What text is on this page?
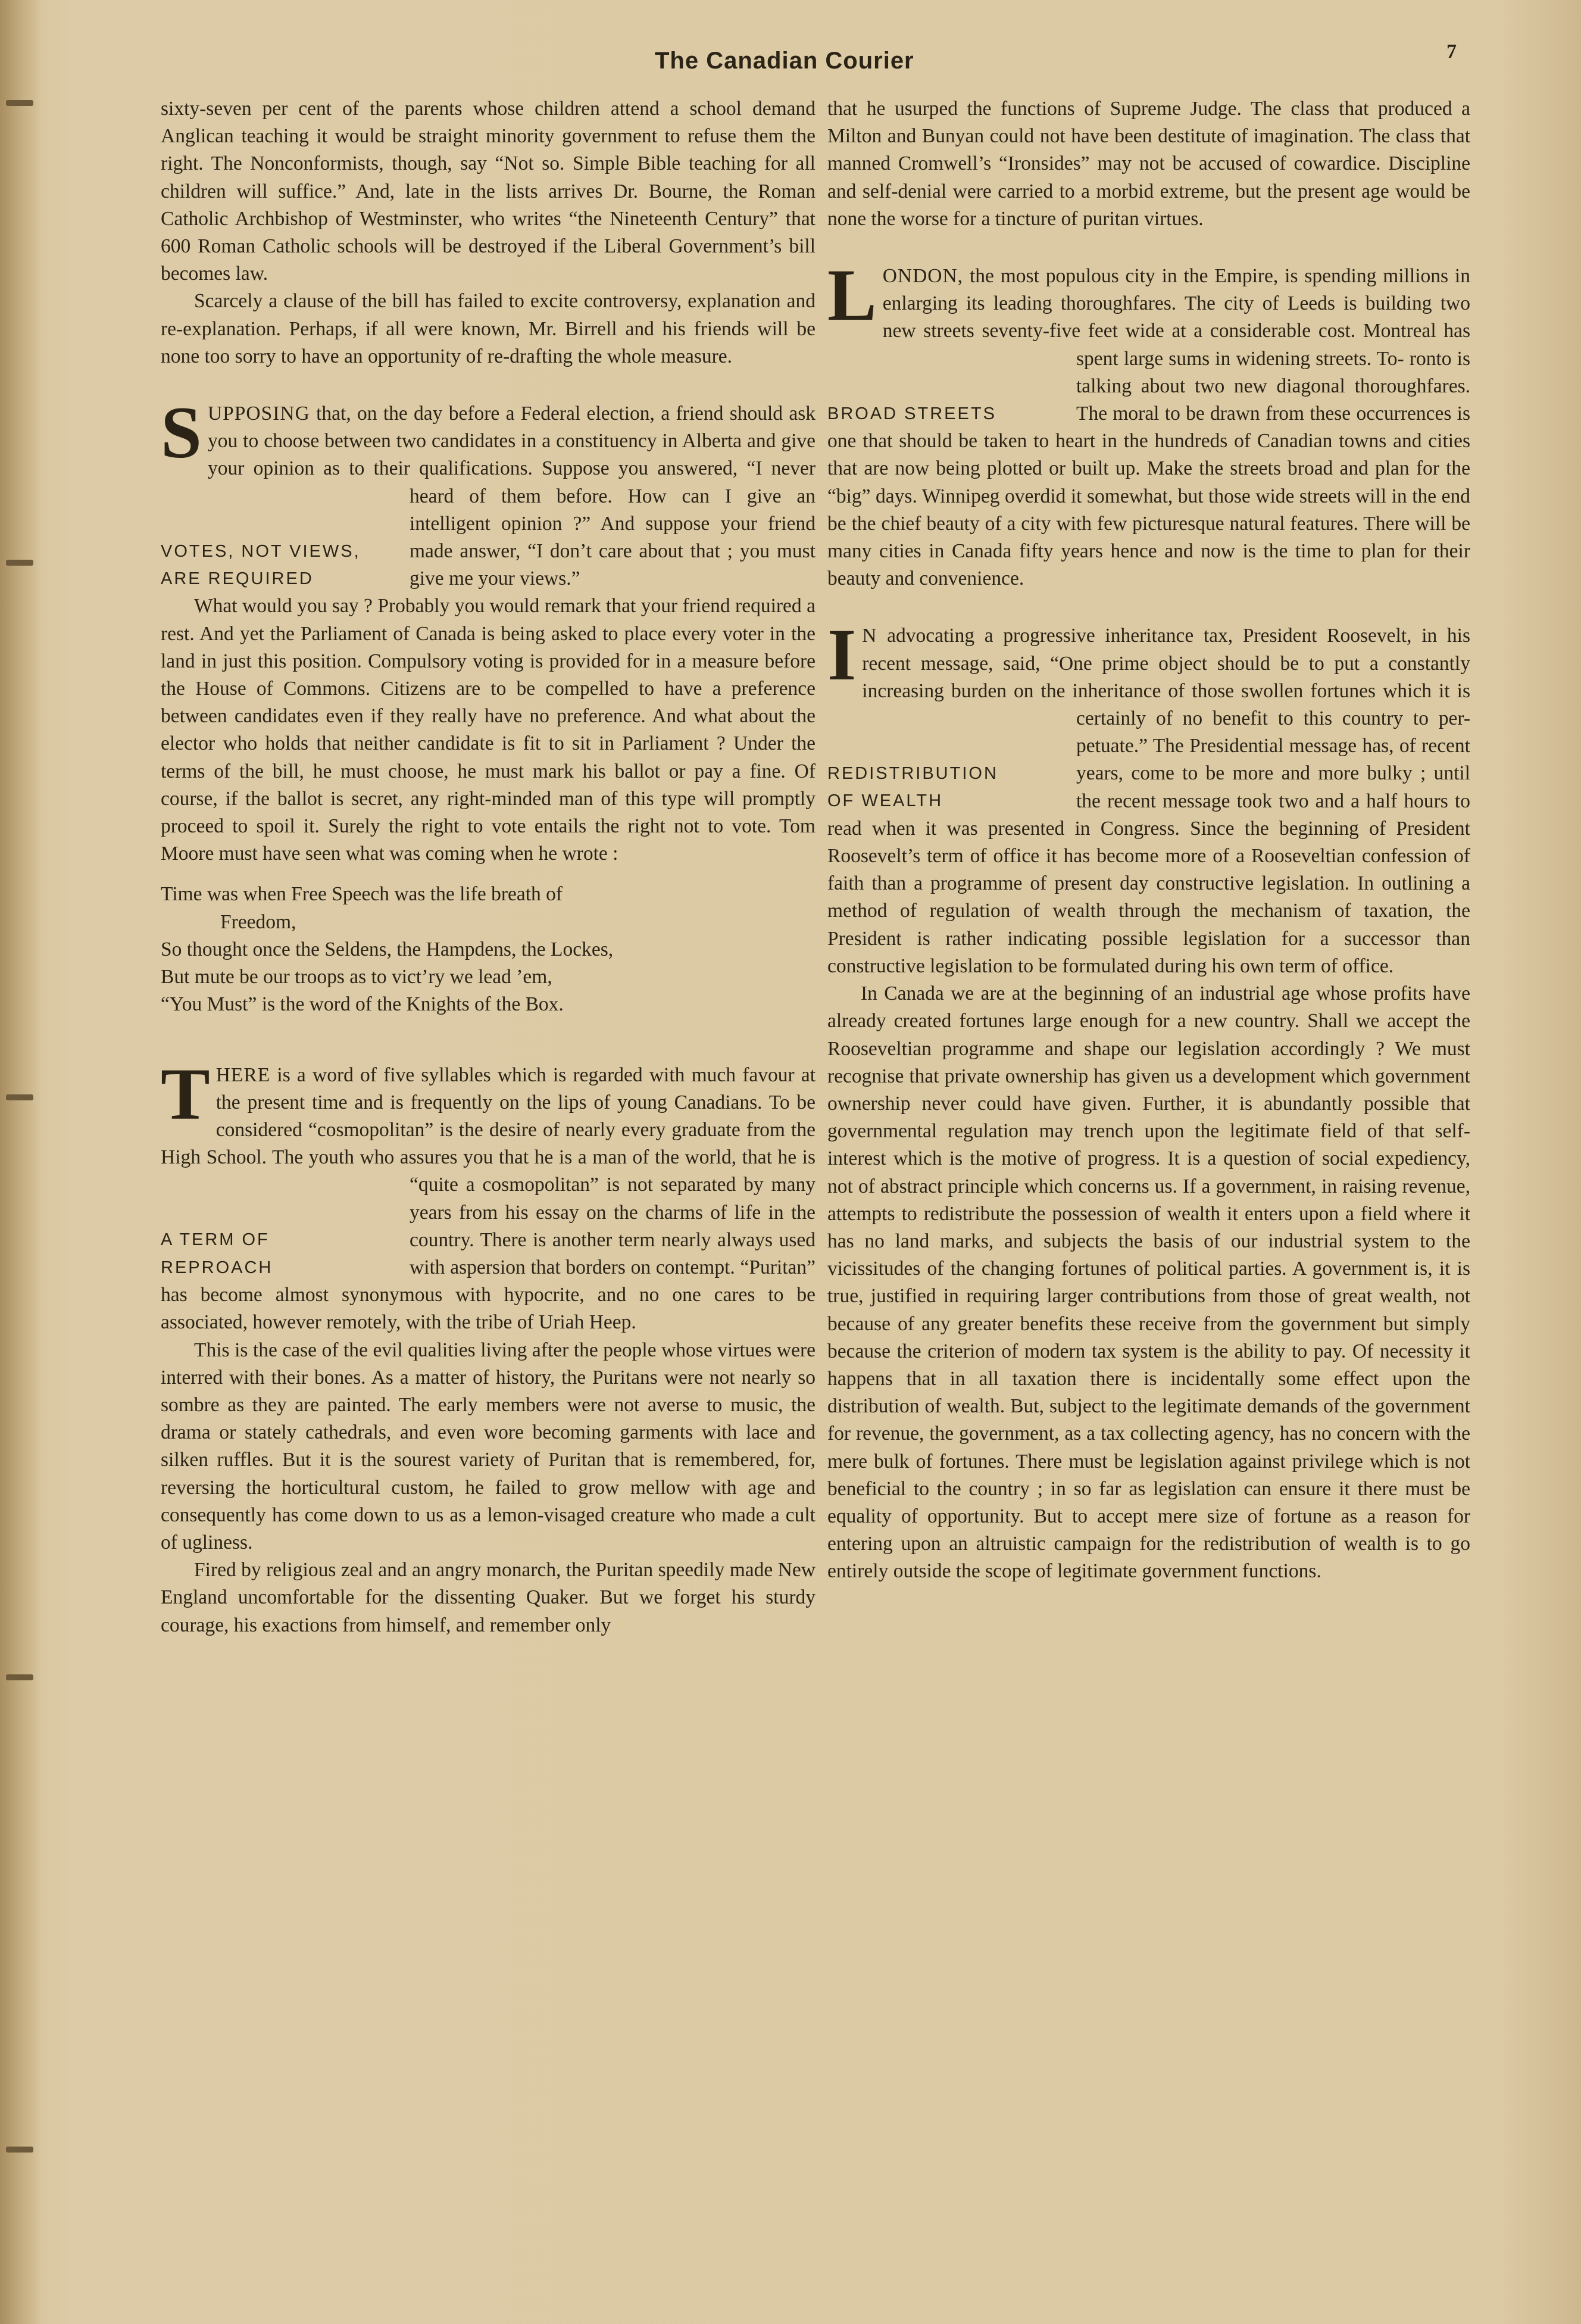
The Canadian Courier	7

sixty-seven per cent of the parents whose children attend a school demand Anglican teaching it would be straight minority government to refuse them the right. The Nonconformists, though, say “Not so. Simple Bible teaching for all children will suffice.” And, late in the lists arrives Dr. Bourne, the Roman Catholic Archbishop of Westminster, who writes “the Nineteenth Century” that 600 Roman Catholic schools will be destroyed if the Liberal Government’s bill becomes law.

Scarcely a clause of the bill has failed to excite controversy, explanation and re-explanation. Perhaps, if all were known, Mr. Birrell and his friends will be none too sorry to have an opportunity of re-drafting the whole measure.

SUPPOSING that, on the day before a Federal election, a friend should ask you to choose between two candidates in a constituency in Alberta and give your opinion as to their qualifications. Suppose you answered, “I never heard of them before. How
VOTES, NOT VIEWS,
ARE REQUIRED
can I give an intelligent opinion ?” And suppose your friend made answer, “I don’t care about that ; you must give me your views.”

What would you say ? Probably you would remark that your friend required a rest. And yet the Parliament of Canada is being asked to place every voter in the land in just this position. Compulsory voting is provided for in a measure before the House of Commons. Citizens are to be compelled to have a preference between candidates even if they really have no preference. And what about the elector who holds that neither candidate is fit to sit in Parliament ? Under the terms of the bill, he must choose, he must mark his ballot or pay a fine. Of course, if the ballot is secret, any right-minded man of this type will promptly proceed to spoil it. Surely the right to vote entails the right not to vote. Tom Moore must have seen what was coming when he wrote :

Time was when Free Speech was the life breath of
Freedom,
So thought once the Seldens, the Hampdens, the Lockes,
But mute be our troops as to vict’ry we lead ’em,
“You Must” is the word of the Knights of the Box.

THERE is a word of five syllables which is regarded with much favour at the present time and is frequently on the lips of young Canadians. To be considered “cosmopolitan” is the desire of nearly every graduate from the High School. The youth who assures you that he is a man of the
A TERM OF
REPROACH
world, that he is “quite a cosmopolitan” is not separated by many years from his essay on the charms of life in the country. There is another term nearly always used with aspersion that borders on contempt. “Puritan” has become almost synonymous with hypocrite, and no one cares to be associated, however remotely, with the tribe of Uriah Heep.

This is the case of the evil qualities living after the people whose virtues were interred with their bones. As a matter of history, the Puritans were not nearly so sombre as they are painted. The early members were not averse to music, the drama or stately cathedrals, and even wore becoming garments with lace and silken ruffles. But it is the sourest variety of Puritan that is remembered, for, reversing the horticultural custom, he failed to grow mellow with age and consequently has come down to us as a lemon-visaged creature who made a cult of ugliness.

Fired by religious zeal and an angry monarch, the Puritan speedily made New England uncomfortable for the dissenting Quaker. But we forget his sturdy courage, his exactions from himself, and remember only

that he usurped the functions of Supreme Judge. The class that produced a Milton and Bunyan could not have been destitute of imagination. The class that manned Cromwell’s “Ironsides” may not be accused of cowardice. Discipline and self-denial were carried to a morbid extreme, but the present age would be none the worse for a tincture of puritan virtues.

LONDON, the most populous city in the Empire, is spending millions in enlarging its leading thoroughfares. The city of Leeds is building two new streets seventy-five feet wide at a considerable cost. Montreal has spent large sums in widening streets. To-
BROAD STREETS
ronto is talking about two new diagonal thoroughfares. The moral to be drawn from these occurrences is one that should be taken to heart in the hundreds of Canadian towns and cities that are now being plotted or built up. Make the streets broad and plan for the “big” days. Winnipeg overdid it somewhat, but those wide streets will in the end be the chief beauty of a city with few picturesque natural features. There will be many cities in Canada fifty years hence and now is the time to plan for their beauty and convenience.

I N advocating a progressive inheritance tax, President Roosevelt, in his recent message, said, “One prime object should be to put a constantly increasing burden on the inheritance of those swollen fortunes which it is certainly of no benefit to this country to per-
REDISTRIBUTION
OF WEALTH
petuate.” The Presidential message has, of recent years, come to be more and more bulky ; until the recent message took two and a half hours to read when it was presented in Congress. Since the beginning of President Roosevelt’s term of office it has become more of a Rooseveltian confession of faith than a programme of present day constructive legislation. In outlining a method of regulation of wealth through the mechanism of taxation, the President is rather indicating possible legislation for a successor than constructive legislation to be formulated during his own term of office.

In Canada we are at the beginning of an industrial age whose profits have already created fortunes large enough for a new country. Shall we accept the Rooseveltian programme and shape our legislation accordingly ? We must recognise that private ownership has given us a development which government ownership never could have given. Further, it is abundantly possible that governmental regulation may trench upon the legitimate field of that self-interest which is the motive of progress. It is a question of social expediency, not of abstract principle which concerns us. If a government, in raising revenue, attempts to redistribute the possession of wealth it enters upon a field where it has no land marks, and subjects the basis of our industrial system to the vicissitudes of the changing fortunes of political parties. A government is, it is true, justified in requiring larger contributions from those of great wealth, not because of any greater benefits these receive from the government but simply because the criterion of modern tax system is the ability to pay. Of necessity it happens that in all taxation there is incidentally some effect upon the distribution of wealth. But, subject to the legitimate demands of the government for revenue, the government, as a tax collecting agency, has no concern with the mere bulk of fortunes. There must be legislation against privilege which is not beneficial to the country ; in so far as legislation can ensure it there must be equality of opportunity. But to accept mere size of fortune as a reason for entering upon an altruistic campaign for the redistribution of wealth is to go entirely outside the scope of legitimate government functions.
